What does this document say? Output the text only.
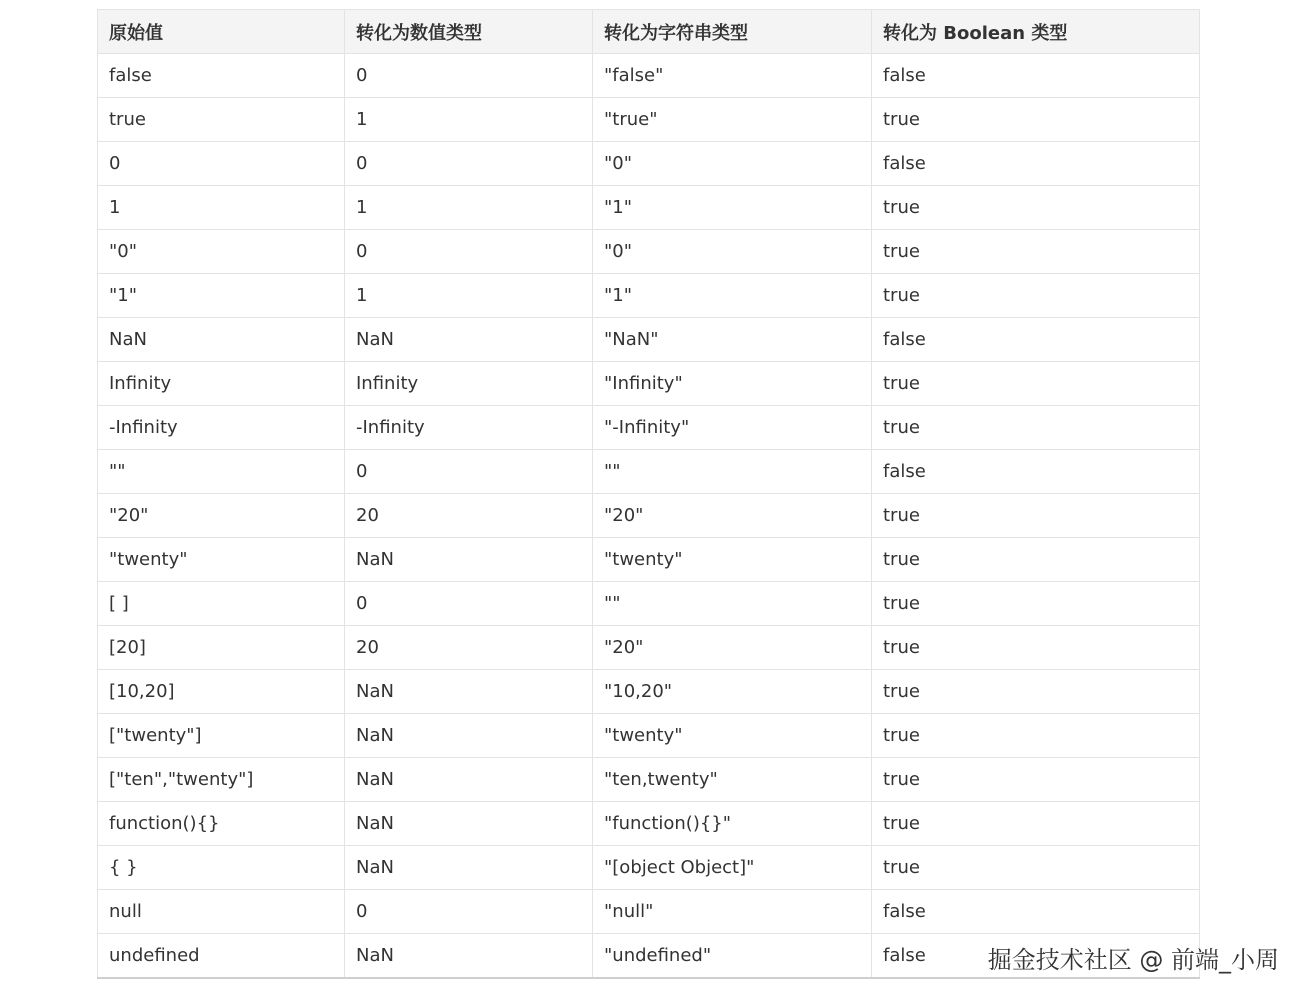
原始值	转化为数值类型	转化为字符串类型	转化为 Boolean 类型
false	0	"false"	false
true	1	"true"	true
0	0	"0"	false
1	1	"1"	true
"0"	0	"0"	true
"1"	1	"1"	true
NaN	NaN	"NaN"	false
Infinity	Infinity	"Infinity"	true
-Infinity	-Infinity	"-Infinity"	true
""	0	""	false
"20"	20	"20"	true
"twenty"	NaN	"twenty"	true
[ ]	0	""	true
[20]	20	"20"	true
[10,20]	NaN	"10,20"	true
["twenty"]	NaN	"twenty"	true
["ten","twenty"]	NaN	"ten,twenty"	true
function(){}	NaN	"function(){}"	true
{ }	NaN	"[object Object]"	true
null	0	"null"	false
undefined	NaN	"undefined"	false	掘金技术社区 @ 前端_小周
